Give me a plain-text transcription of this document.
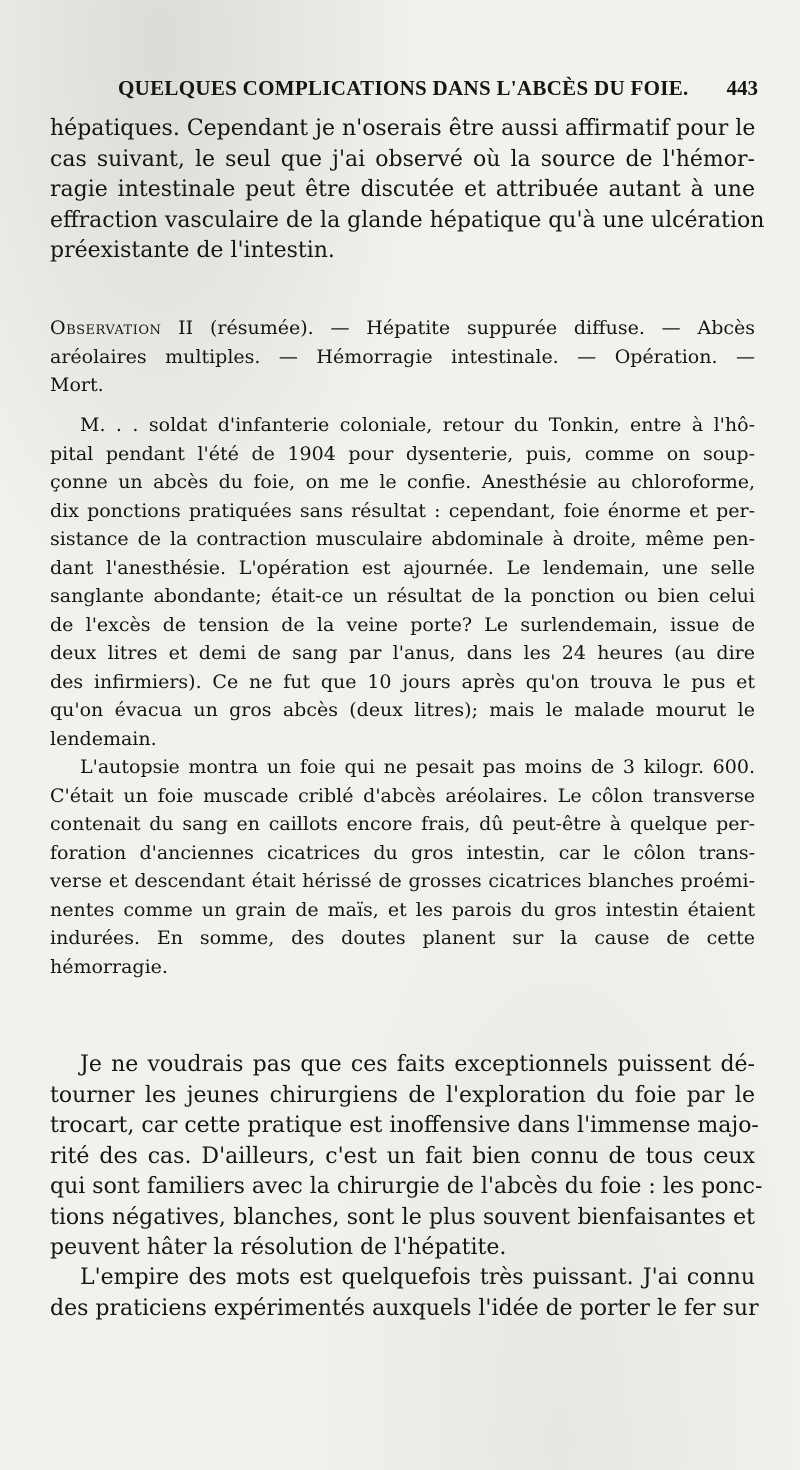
QUELQUES COMPLICATIONS DANS L'ABCÈS DU FOIE. 443
hépatiques. Cependant je n'oserais être aussi affirmatif pour le
cas suivant, le seul que j'ai observé où la source de l'hémor-
ragie intestinale peut être discutée et attribuée autant à une
effraction vasculaire de la glande hépatique qu'à une ulcération
préexistante de l'intestin.
Observation II (résumée). — Hépatite suppurée diffuse. — Abcès
aréolaires multiples. — Hémorragie intestinale. — Opération. —
Mort.
M. . . soldat d'infanterie coloniale, retour du Tonkin, entre à l'hô-
pital pendant l'été de 1904 pour dysenterie, puis, comme on soup-
çonne un abcès du foie, on me le confie. Anesthésie au chloroforme,
dix ponctions pratiquées sans résultat : cependant, foie énorme et per-
sistance de la contraction musculaire abdominale à droite, même pen-
dant l'anesthésie. L'opération est ajournée. Le lendemain, une selle
sanglante abondante; était-ce un résultat de la ponction ou bien celui
de l'excès de tension de la veine porte? Le surlendemain, issue de
deux litres et demi de sang par l'anus, dans les 24 heures (au dire
des infirmiers). Ce ne fut que 10 jours après qu'on trouva le pus et
qu'on évacua un gros abcès (deux litres); mais le malade mourut le
lendemain.
L'autopsie montra un foie qui ne pesait pas moins de 3 kilogr. 600.
C'était un foie muscade criblé d'abcès aréolaires. Le côlon transverse
contenait du sang en caillots encore frais, dû peut-être à quelque per-
foration d'anciennes cicatrices du gros intestin, car le côlon trans-
verse et descendant était hérissé de grosses cicatrices blanches proémi-
nentes comme un grain de maïs, et les parois du gros intestin étaient
indurées. En somme, des doutes planent sur la cause de cette
hémorragie.
Je ne voudrais pas que ces faits exceptionnels puissent dé-
tourner les jeunes chirurgiens de l'exploration du foie par le
trocart, car cette pratique est inoffensive dans l'immense majo-
rité des cas. D'ailleurs, c'est un fait bien connu de tous ceux
qui sont familiers avec la chirurgie de l'abcès du foie : les ponc-
tions négatives, blanches, sont le plus souvent bienfaisantes et
peuvent hâter la résolution de l'hépatite.
L'empire des mots est quelquefois très puissant. J'ai connu
des praticiens expérimentés auxquels l'idée de porter le fer sur
